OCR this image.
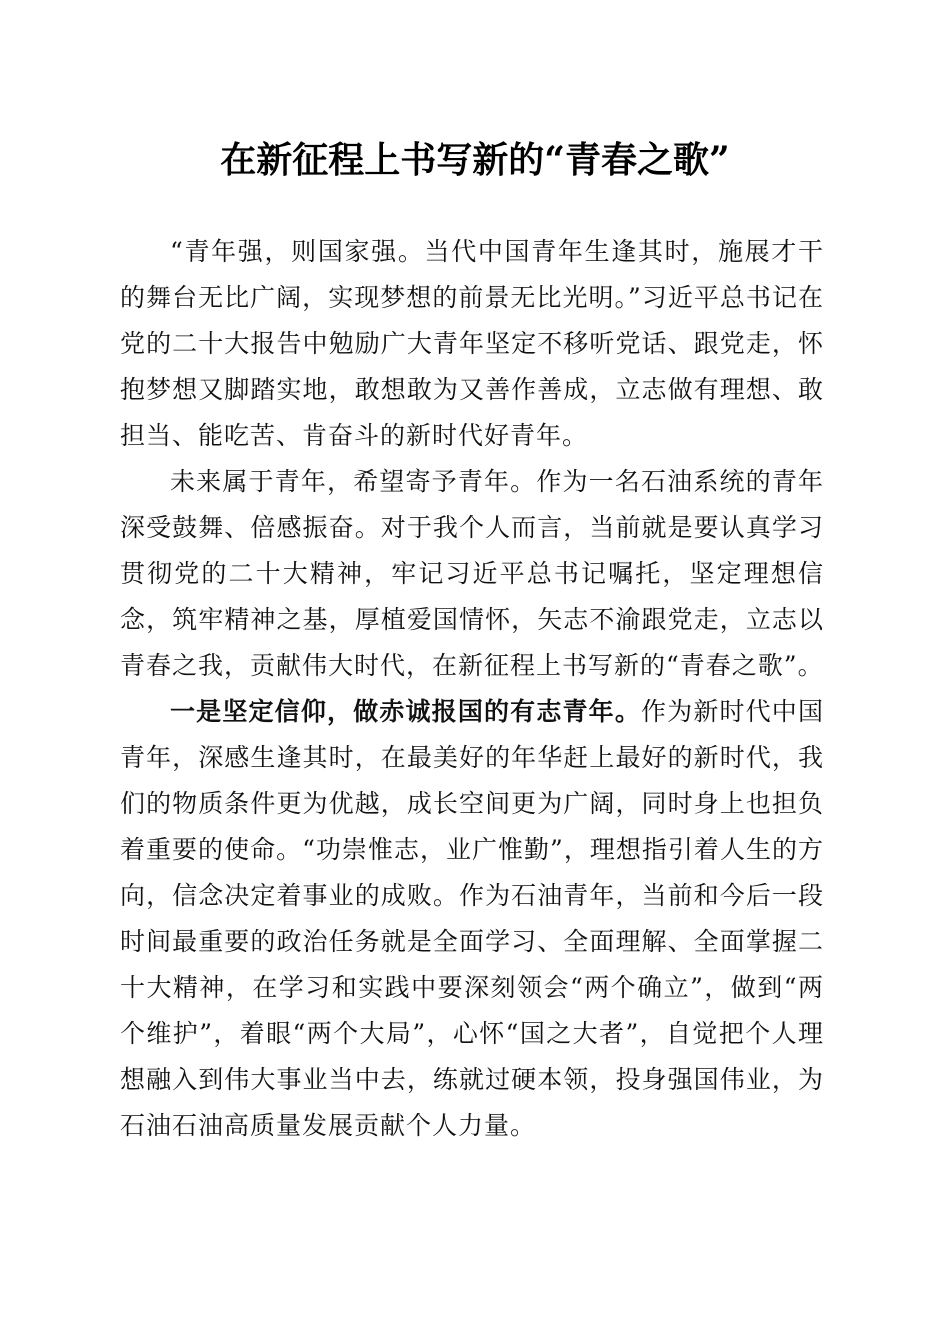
在新征程上书写新的“青春之歌”

“青年强，则国家强。当代中国青年生逢其时，施展才干的舞台无比广阔，实现梦想的前景无比光明。”习近平总书记在党的二十大报告中勉励广大青年坚定不移听党话、跟党走，怀抱梦想又脚踏实地，敢想敢为又善作善成，立志做有理想、敢担当、能吃苦、肯奋斗的新时代好青年。

未来属于青年，希望寄予青年。作为一名石油系统的青年深受鼓舞、倍感振奋。对于我个人而言，当前就是要认真学习贯彻党的二十大精神，牢记习近平总书记嘱托，坚定理想信念，筑牢精神之基，厚植爱国情怀，矢志不渝跟党走，立志以青春之我，贡献伟大时代，在新征程上书写新的“青春之歌”。

一是坚定信仰，做赤诚报国的有志青年。作为新时代中国青年，深感生逢其时，在最美好的年华赶上最好的新时代，我们的物质条件更为优越，成长空间更为广阔，同时身上也担负着重要的使命。“功崇惟志，业广惟勤”，理想指引着人生的方向，信念决定着事业的成败。作为石油青年，当前和今后一段时间最重要的政治任务就是全面学习、全面理解、全面掌握二十大精神，在学习和实践中要深刻领会“两个确立”，做到“两个维护”，着眼“两个大局”，心怀“国之大者”，自觉把个人理想融入到伟大事业当中去，练就过硬本领，投身强国伟业，为石油石油高质量发展贡献个人力量。
